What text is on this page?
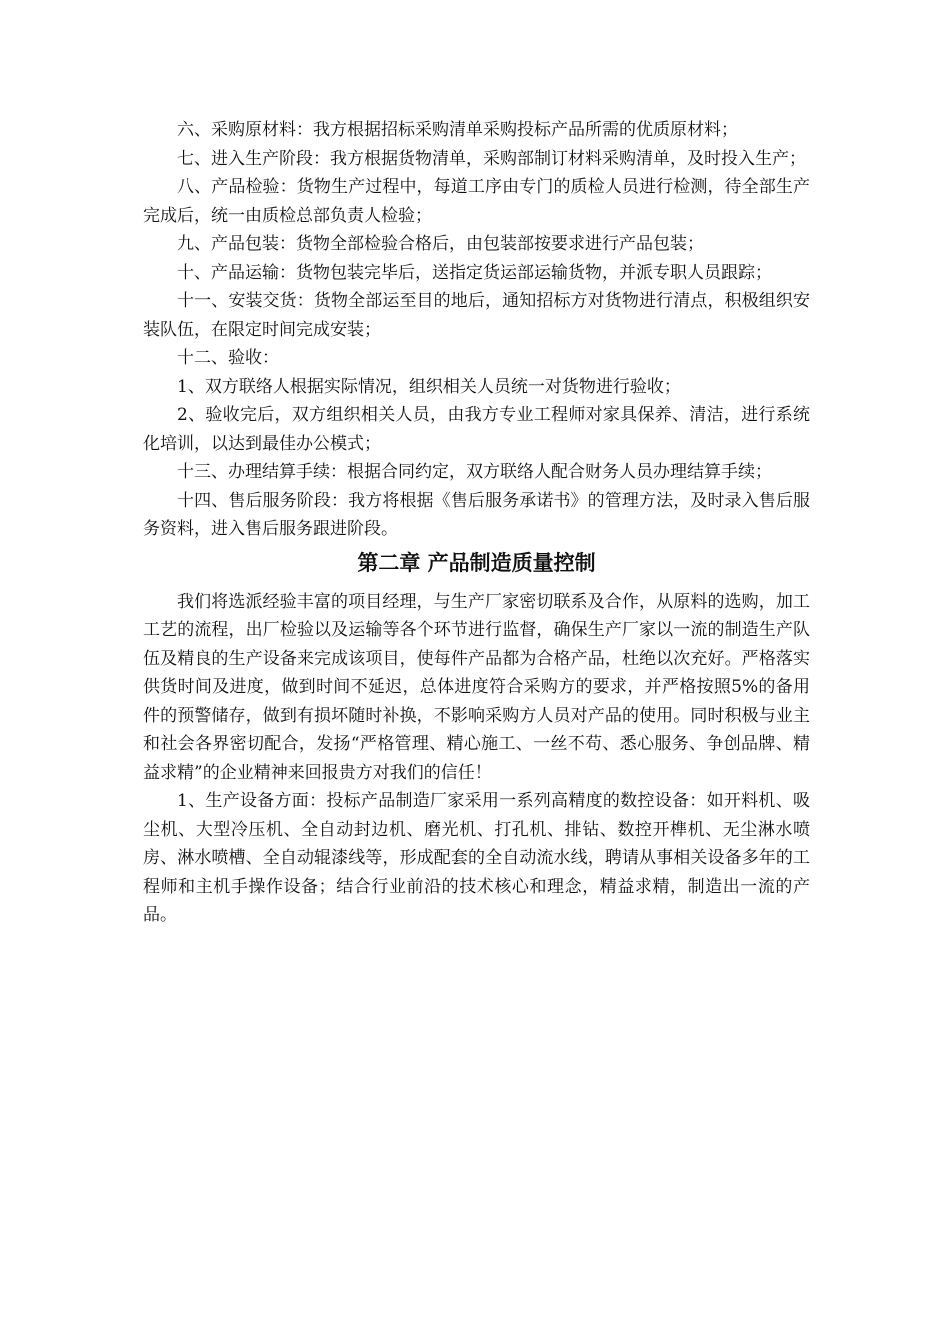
六、采购原材料：我方根据招标采购清单采购投标产品所需的优质原材料；

七、进入生产阶段：我方根据货物清单，采购部制订材料采购清单，及时投入生产；

八、产品检验：货物生产过程中，每道工序由专门的质检人员进行检测，待全部生产完成后，统一由质检总部负责人检验；

九、产品包装：货物全部检验合格后，由包装部按要求进行产品包装；

十、产品运输：货物包装完毕后，送指定货运部运输货物，并派专职人员跟踪；

十一、安装交货：货物全部运至目的地后，通知招标方对货物进行清点，积极组织安装队伍，在限定时间完成安装；

十二、验收：

1、双方联络人根据实际情况，组织相关人员统一对货物进行验收；

2、验收完后，双方组织相关人员，由我方专业工程师对家具保养、清洁，进行系统化培训，以达到最佳办公模式；

十三、办理结算手续：根据合同约定，双方联络人配合财务人员办理结算手续；

十四、售后服务阶段：我方将根据《售后服务承诺书》的管理方法，及时录入售后服务资料，进入售后服务跟进阶段。

第二章 产品制造质量控制

我们将选派经验丰富的项目经理，与生产厂家密切联系及合作，从原料的选购，加工工艺的流程，出厂检验以及运输等各个环节进行监督，确保生产厂家以一流的制造生产队伍及精良的生产设备来完成该项目，使每件产品都为合格产品，杜绝以次充好。严格落实供货时间及进度，做到时间不延迟，总体进度符合采购方的要求，并严格按照5%的备用件的预警储存，做到有损坏随时补换，不影响采购方人员对产品的使用。同时积极与业主和社会各界密切配合，发扬“严格管理、精心施工、一丝不苟、悉心服务、争创品牌、精益求精”的企业精神来回报贵方对我们的信任！

1、生产设备方面：投标产品制造厂家采用一系列高精度的数控设备：如开料机、吸尘机、大型冷压机、全自动封边机、磨光机、打孔机、排钻、数控开榫机、无尘淋水喷房、淋水喷槽、全自动辊漆线等，形成配套的全自动流水线，聘请从事相关设备多年的工程师和主机手操作设备；结合行业前沿的技术核心和理念，精益求精，制造出一流的产品。
